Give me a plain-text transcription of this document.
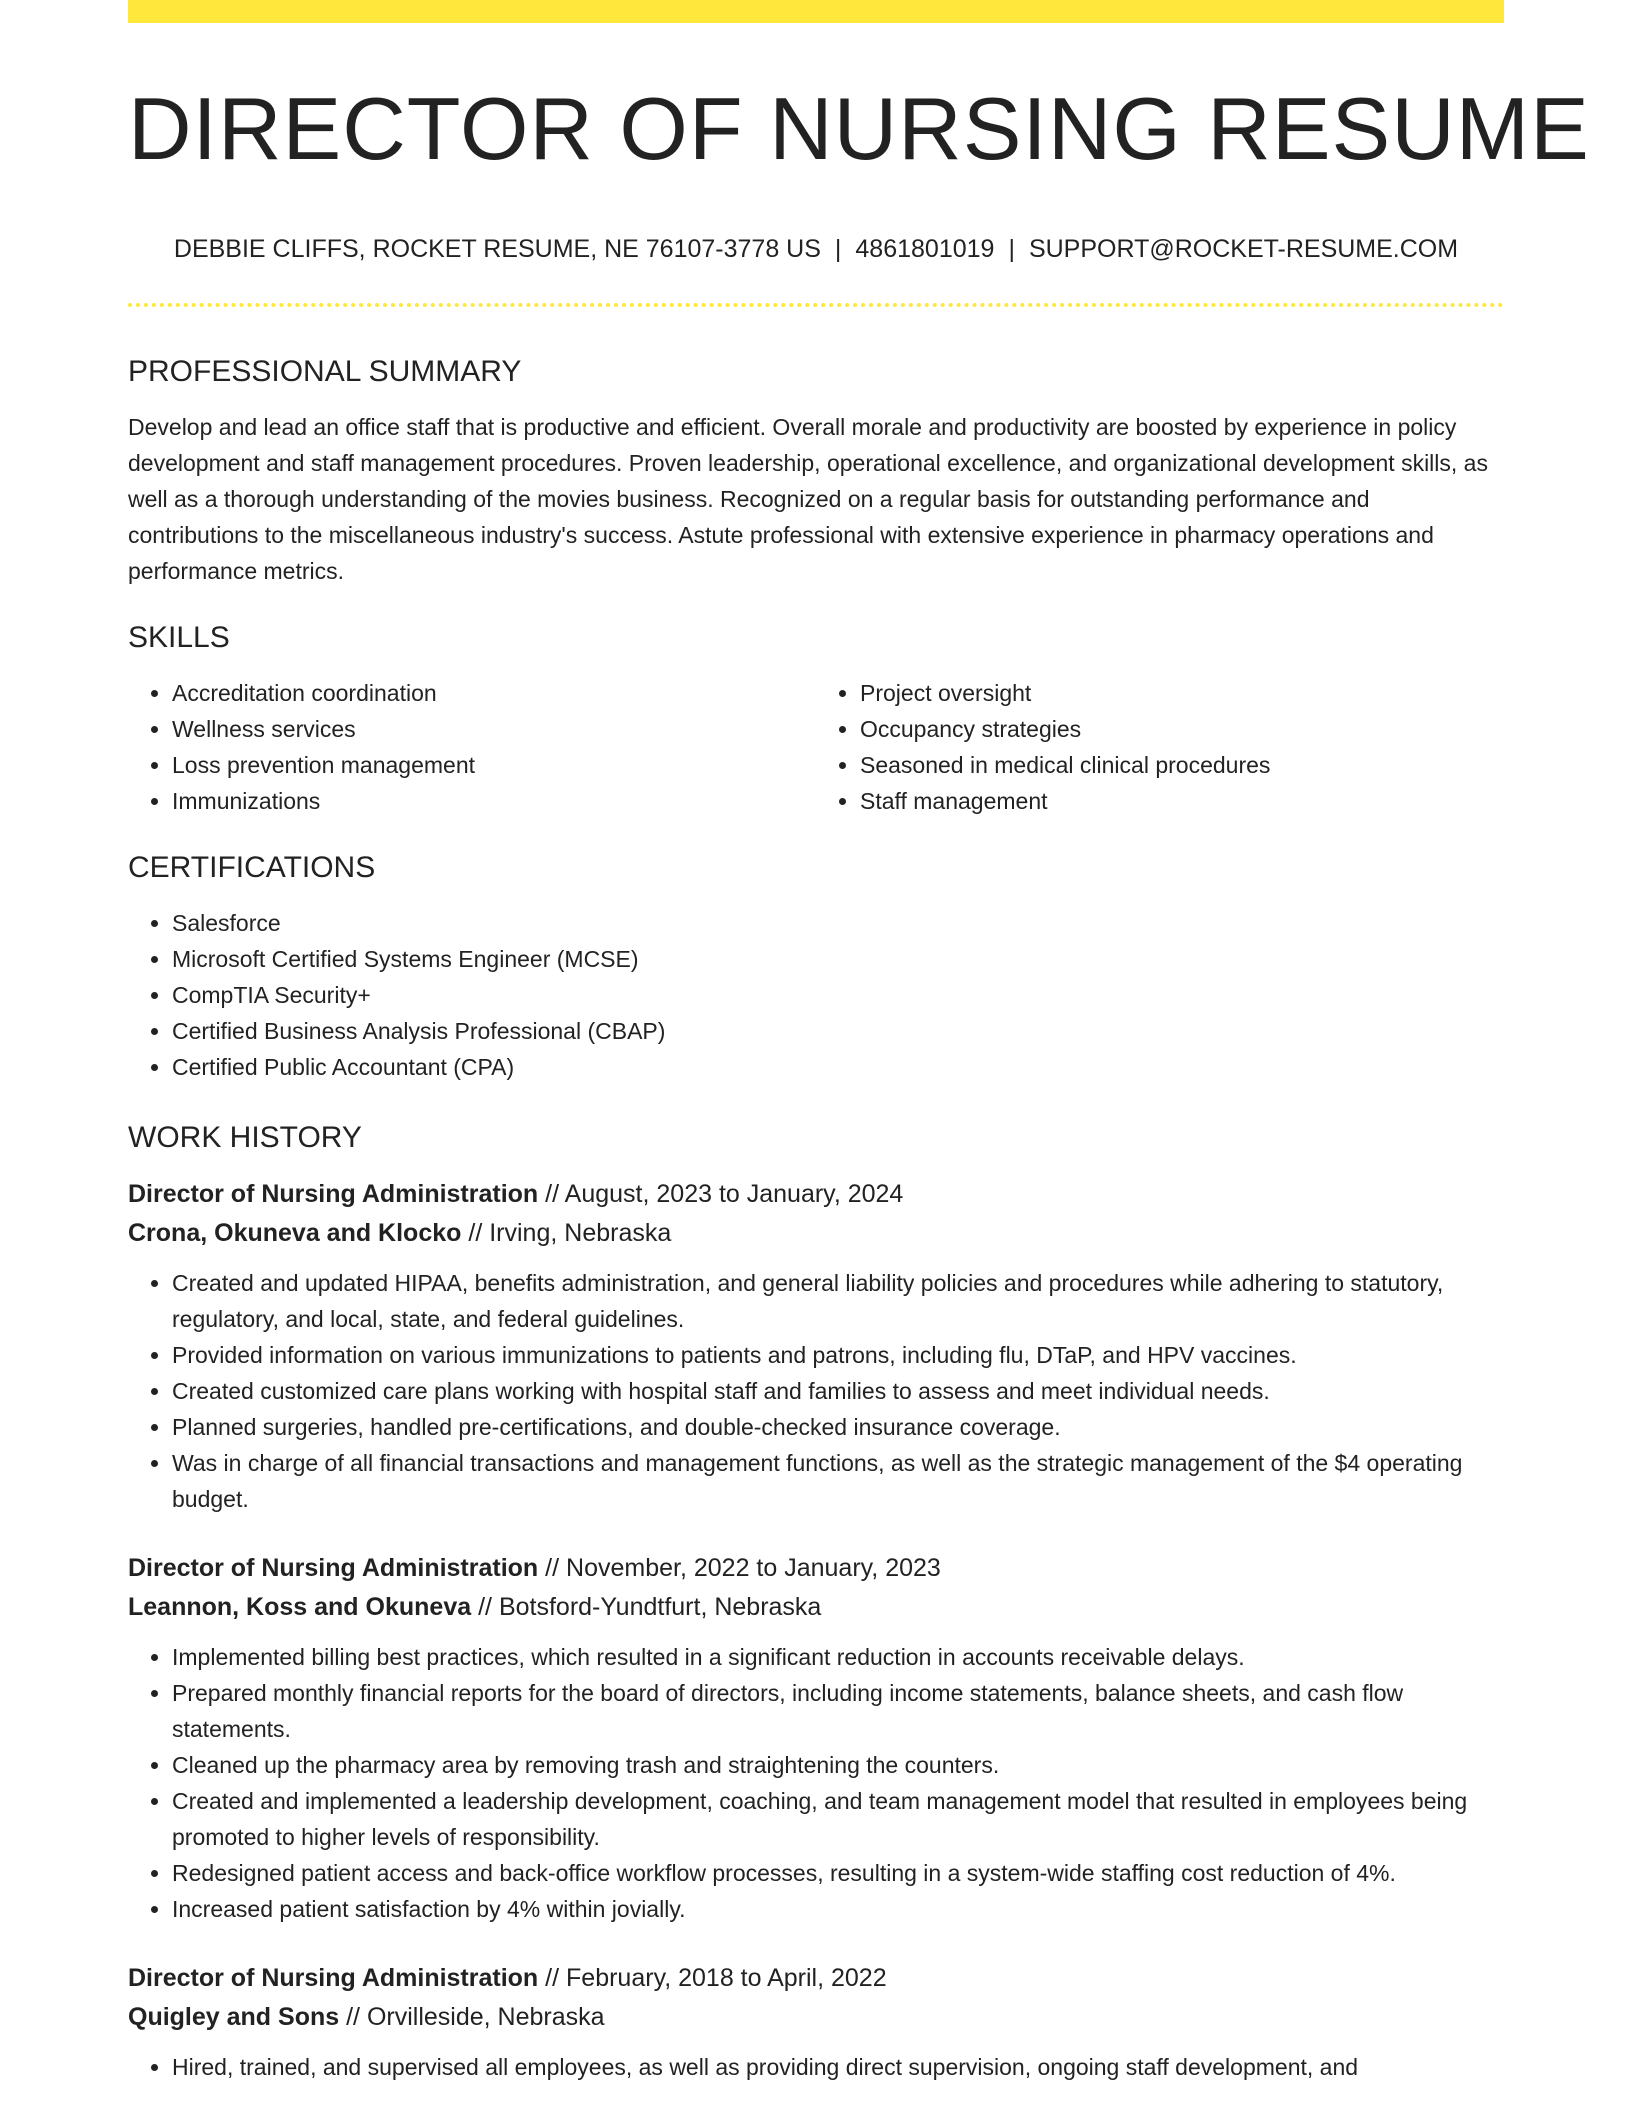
DIRECTOR OF NURSING RESUME
DEBBIE CLIFFS, ROCKET RESUME, NE 76107-3778 US | 4861801019 | SUPPORT@ROCKET-RESUME.COM
PROFESSIONAL SUMMARY

Develop and lead an office staff that is productive and efficient. Overall morale and productivity are boosted by experience in policy development and staff management procedures. Proven leadership, operational excellence, and organizational development skills, as well as a thorough understanding of the movies business. Recognized on a regular basis for outstanding performance and contributions to the miscellaneous industry's success. Astute professional with extensive experience in pharmacy operations and performance metrics.

SKILLS
• Accreditation coordination
• Wellness services
• Loss prevention management
• Immunizations
• Project oversight
• Occupancy strategies
• Seasoned in medical clinical procedures
• Staff management
CERTIFICATIONS
• Salesforce
• Microsoft Certified Systems Engineer (MCSE)
• CompTIA Security+
• Certified Business Analysis Professional (CBAP)
• Certified Public Accountant (CPA)
WORK HISTORY
Director of Nursing Administration // August, 2023 to January, 2024
Crona, Okuneva and Klocko // Irving, Nebraska
• Created and updated HIPAA, benefits administration, and general liability policies and procedures while adhering to statutory, regulatory, and local, state, and federal guidelines.
• Provided information on various immunizations to patients and patrons, including flu, DTaP, and HPV vaccines.
• Created customized care plans working with hospital staff and families to assess and meet individual needs.
• Planned surgeries, handled pre-certifications, and double-checked insurance coverage.
• Was in charge of all financial transactions and management functions, as well as the strategic management of the $4 operating budget.
Director of Nursing Administration // November, 2022 to January, 2023
Leannon, Koss and Okuneva // Botsford-Yundtfurt, Nebraska
• Implemented billing best practices, which resulted in a significant reduction in accounts receivable delays.
• Prepared monthly financial reports for the board of directors, including income statements, balance sheets, and cash flow statements.
• Cleaned up the pharmacy area by removing trash and straightening the counters.
• Created and implemented a leadership development, coaching, and team management model that resulted in employees being promoted to higher levels of responsibility.
• Redesigned patient access and back-office workflow processes, resulting in a system-wide staffing cost reduction of 4%.
• Increased patient satisfaction by 4% within jovially.
Director of Nursing Administration // February, 2018 to April, 2022
Quigley and Sons // Orvilleside, Nebraska
• Hired, trained, and supervised all employees, as well as providing direct supervision, ongoing staff development, and
